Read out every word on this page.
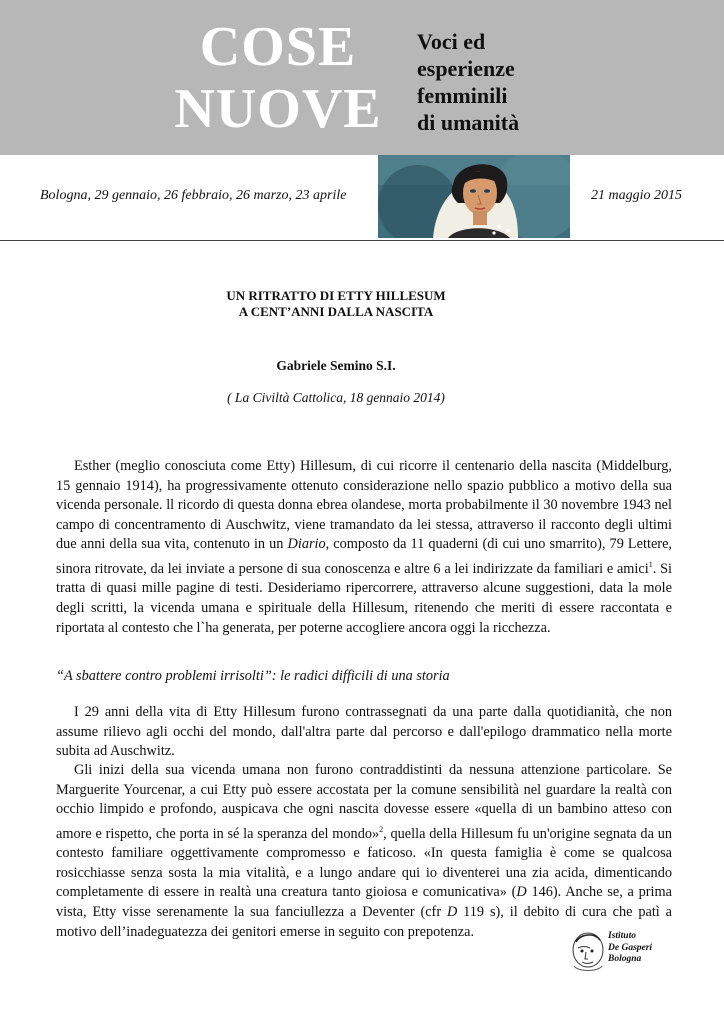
COSE
NUOVE
Voci ed
esperienze
femminili
di umanità
Bologna, 29 gennaio, 26 febbraio, 26 marzo, 23 aprile	21 maggio 2015
UN RITRATTO DI ETTY HILLESUM
A CENT’ANNI DALLA NASCITA
Gabriele Semino S.I.
( La Civiltà Cattolica, 18 gennaio 2014)

Esther (meglio conosciuta come Etty) Hillesum, di cui ricorre il centenario della nascita (Middelburg, 15 gennaio 1914), ha progressivamente ottenuto considerazione nello spazio pubblico a motivo della sua vicenda personale. ll ricordo di questa donna ebrea olandese, morta probabilmente il 30 novembre 1943 nel campo di concentramento di Auschwitz, viene tramandato da lei stessa, attraverso il racconto degli ultimi due anni della sua vita, contenuto in un Diario, composto da 11 quaderni (di cui uno smarrito), 79 Lettere, sinora ritrovate, da lei inviate a persone di sua conoscenza e altre 6 a lei indirizzate da familiari e amici$^1$. Si tratta di quasi mille pagine di testi. Desideriamo ripercorrere, attraverso alcune suggestioni, data la mole degli scritti, la vicenda umana e spirituale della Hillesum, ritenendo che meriti di essere raccontata e riportata al contesto che l`ha generata, per poterne accogliere ancora oggi la ricchezza.

“A sbattere contro problemi irrisolti”: le radici difficili di una storia

I 29 anni della vita di Etty Hillesum furono contrassegnati da una parte dalla quotidianità, che non assume rilievo agli occhi del mondo, dall'altra parte dal percorso e dall'epilogo drammatico nella morte subita ad Auschwitz.

Gli inizi della sua vicenda umana non furono contraddistinti da nessuna attenzione particolare. Se Marguerite Yourcenar, a cui Etty può essere accostata per la comune sensibilità nel guardare la realtà con occhio limpido e profondo, auspicava che ogni nascita dovesse essere «quella di un bambino atteso con amore e rispetto, che porta in sé la speranza del mondo»$^2$, quella della Hillesum fu un'origine segnata da un contesto familiare oggettivamente compromesso e faticoso. «In questa famiglia è come se qualcosa rosicchiasse senza sosta la mia vitalità, e a lungo andare qui io diventerei una zia acida, dimenticando completamente di essere in realtà una creatura tanto gioiosa e comunicativa» (D 146). Anche se, a prima vista, Etty visse serenamente la sua fanciullezza a Deventer (cfr D 119 s), il debito di cura che patì a motivo dell’inadeguatezza dei genitori emerse in seguito con prepotenza.	Istituto
De Gasperi
Bologna
